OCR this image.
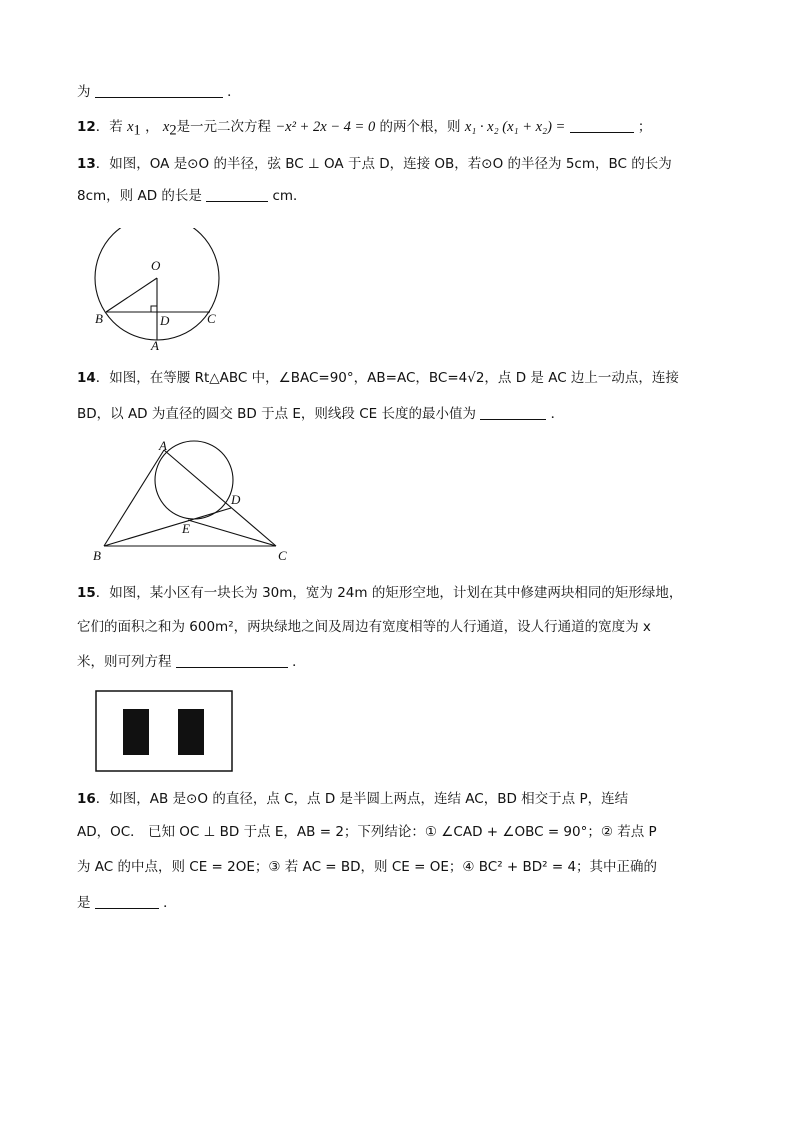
为	．
12．若 $x_1$ ， $x_2$是一元二次方程 −x² + 2x − 4 = 0 的两个根，则 x₁ · x₂ (x₁ + x₂) =	；
13．如图，OA 是⊙O 的半径，弦 BC ⊥ OA 于点 D，连接 OB，若⊙O 的半径为 5cm，BC 的长为
8cm，则 AD 的长是	cm．
O
B	D	C
A
14．如图，在等腰 Rt△ABC 中，∠BAC=90°，AB=AC，BC=4√2，点 D 是 AC 边上一动点，连接
BD，以 AD 为直径的圆交 BD 于点 E，则线段 CE 长度的最小值为	．
A
D
E
B	C
15．如图，某小区有一块长为 30m，宽为 24m 的矩形空地，计划在其中修建两块相同的矩形绿地，
它们的面积之和为 600m²，两块绿地之间及周边有宽度相等的人行通道，设人行通道的宽度为 x
米，则可列方程	．
16．如图，AB 是⊙O 的直径，点 C，点 D 是半圆上两点，连结 AC，BD 相交于点 P，连结
AD，OC． 已知 OC ⊥ BD 于点 E，AB = 2；下列结论：① ∠CAD + ∠OBC = 90°；② 若点 P
为 AC 的中点，则 CE = 2OE；③ 若 AC = BD，则 CE = OE；④ BC² + BD² = 4；其中正确的
是	．
